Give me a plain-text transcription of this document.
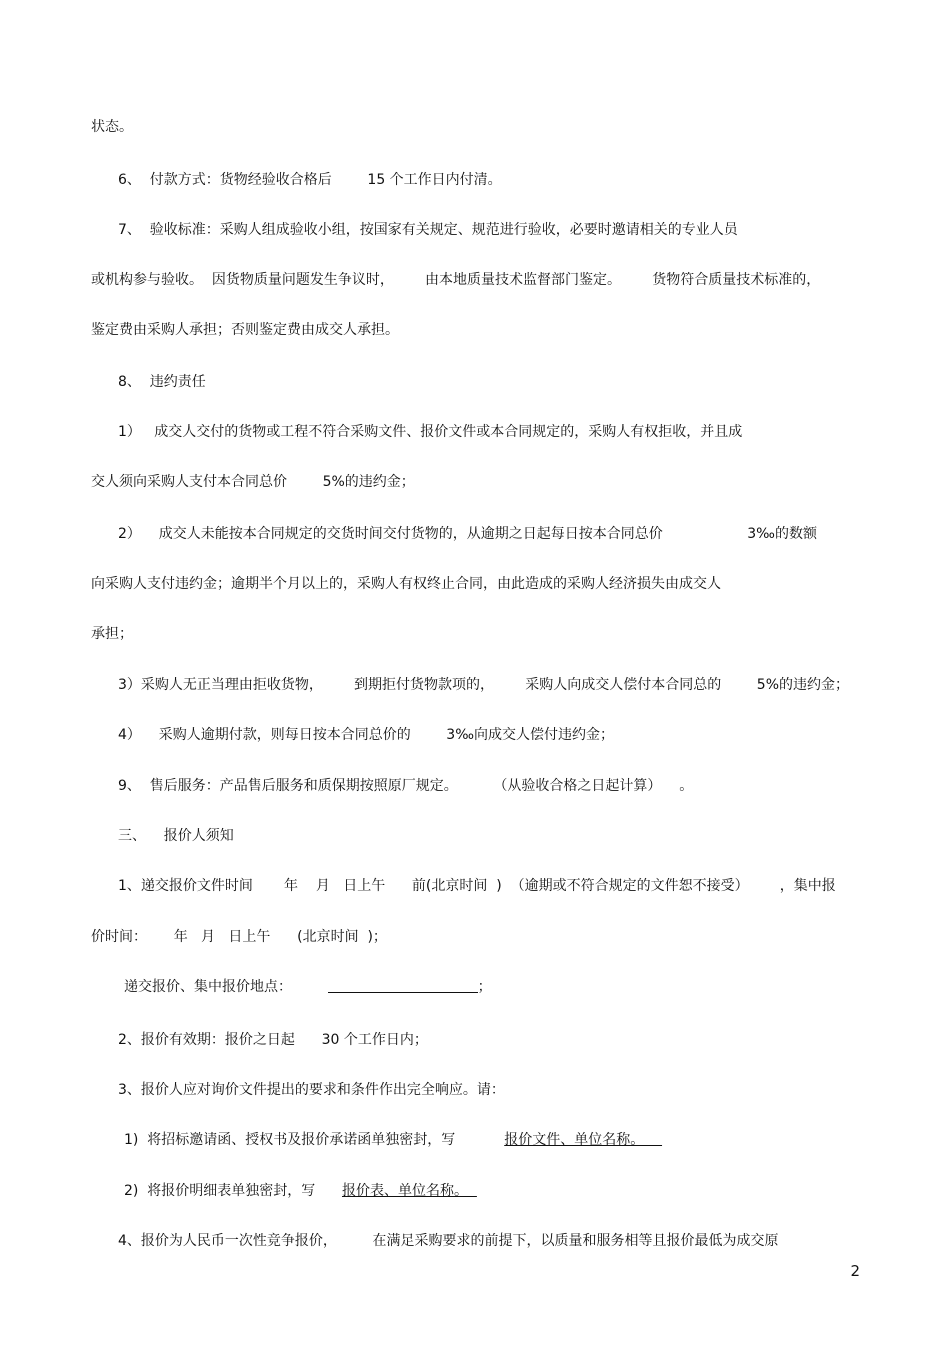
状态。

6、  付款方式：货物经验收合格后        15 个工作日内付清。

7、  验收标准：采购人组成验收小组，按国家有关规定、规范进行验收，必要时邀请相关的专业人员

或机构参与验收。  因货物质量问题发生争议时，       由本地质量技术监督部门鉴定。       货物符合质量技术标准的，

鉴定费由采购人承担；否则鉴定费由成交人承担。

8、  违约责任

1）   成交人交付的货物或工程不符合采购文件、报价文件或本合同规定的，采购人有权拒收，并且成

交人须向采购人支付本合同总价        5%的违约金；

2）    成交人未能按本合同规定的交货时间交付货物的，从逾期之日起每日按本合同总价                   3‰的数额

向采购人支付违约金；逾期半个月以上的，采购人有权终止合同，由此造成的采购人经济损失由成交人

承担；

3）采购人无正当理由拒收货物，       到期拒付货物款项的，       采购人向成交人偿付本合同总的        5%的违约金；

4）    采购人逾期付款，则每日按本合同总价的        3‰向成交人偿付违约金；

9、  售后服务：产品售后服务和质保期按照原厂规定。        （从验收合格之日起计算）    。

三、    报价人须知

1、递交报价文件时间       年    月   日上午      前(北京时间  )  （逾期或不符合规定的文件恕不接受）       ，集中报

价时间：      年   月   日上午      (北京时间  )；

递交报价、集中报价地点：	；

2、报价有效期：报价之日起      30 个工作日内；

3、报价人应对询价文件提出的要求和条件作出完全响应。请：

1)  将招标邀请函、授权书及报价承诺函单独密封，写	报价文件、单位名称。

2)  将报价明细表单独密封，写 报价表、单位名称。

4、报价为人民币一次性竞争报价，        在满足采购要求的前提下，以质量和服务相等且报价最低为成交原

2
